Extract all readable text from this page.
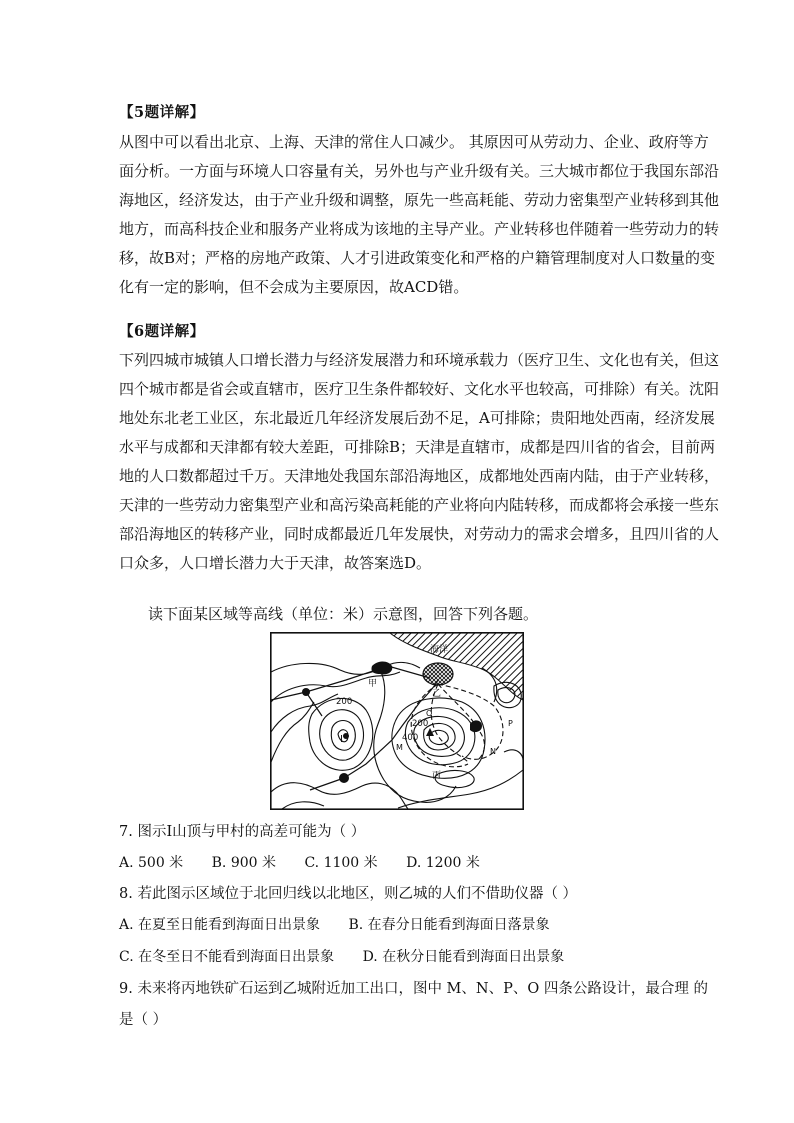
【5题详解】
从图中可以看出北京、上海、天津的常住人口减少。 其原因可从劳动力、企业、政府等方
面分析。一方面与环境人口容量有关，另外也与产业升级有关。三大城市都位于我国东部沿
海地区，经济发达，由于产业升级和调整，原先一些高耗能、劳动力密集型产业转移到其他
地方，而高科技企业和服务产业将成为该地的主导产业。产业转移也伴随着一些劳动力的转
移，故B对；严格的房地产政策、人才引进政策变化和严格的户籍管理制度对人口数量的变
化有一定的影响，但不会成为主要原因，故ACD错。
【6题详解】
下列四城市城镇人口增长潜力与经济发展潜力和环境承载力（医疗卫生、文化也有关，但这
四个城市都是省会或直辖市，医疗卫生条件都较好、文化水平也较高，可排除）有关。沈阳
地处东北老工业区，东北最近几年经济发展后劲不足，A可排除；贵阳地处西南，经济发展
水平与成都和天津都有较大差距，可排除B；天津是直辖市，成都是四川省的省会，目前两
地的人口数都超过千万。天津地处我国东部沿海地区，成都地处西南内陆，由于产业转移，
天津的一些劳动力密集型产业和高污染高耗能的产业将向内陆转移，而成都将会承接一些东
部沿海地区的转移产业，同时成都最近几年发展快，对劳动力的需求会增多，且四川省的人
口众多，人口增长潜力大于天津，故答案选D。
读下面某区域等高线（单位：米）示意图，回答下列各题。
海洋
乙
甲
丙
I
200
200
400
M	N
P
O
7. 图示Ⅰ山顶与甲村的高差可能为（ ）
A. 500 米 B. 900 米 C. 1100 米 D. 1200 米
8. 若此图示区域位于北回归线以北地区，则乙城的人们不借助仪器（ ）
A. 在夏至日能看到海面日出景象 B. 在春分日能看到海面日落景象
C. 在冬至日不能看到海面日出景象 D. 在秋分日能看到海面日出景象
9. 未来将丙地铁矿石运到乙城附近加工出口，图中 M、N、P、O 四条公路设计，最合理 的
是（ ）
